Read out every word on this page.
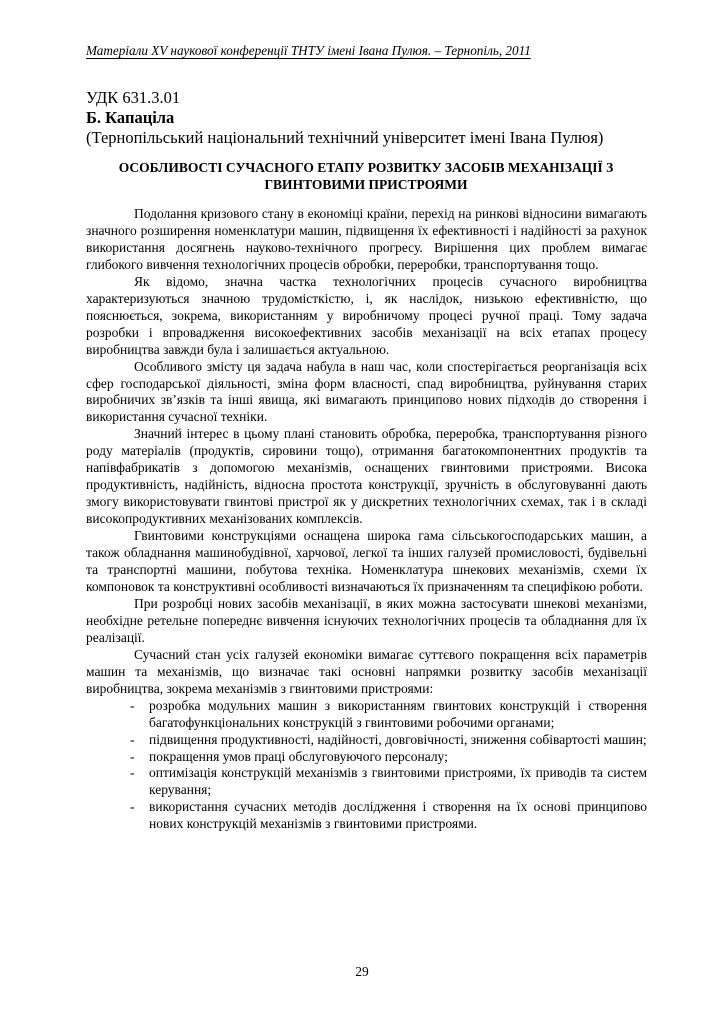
Матеріали XV наукової конференції ТНТУ імені Івана Пулюя. – Тернопіль, 2011
УДК 631.3.01
Б. Капаціла
(Тернопільський національний технічний університет імені Івана Пулюя)
ОСОБЛИВОСТІ СУЧАСНОГО ЕТАПУ РОЗВИТКУ ЗАСОБІВ МЕХАНІЗАЦІЇ З ГВИНТОВИМИ ПРИСТРОЯМИ

Подолання кризового стану в економіці країни, перехід на ринкові відносини вимагають значного розширення номенклатури машин, підвищення їх ефективності і надійності за рахунок використання досягнень науково-технічного прогресу. Вирішення цих проблем вимагає глибокого вивчення технологічних процесів обробки, переробки, транспортування тощо.

Як відомо, значна частка технологічних процесів сучасного виробництва характеризуються значною трудомісткістю, і, як наслідок, низькою ефективністю, що пояснюється, зокрема, використанням у виробничому процесі ручної праці. Тому задача розробки і впровадження високоефективних засобів механізації на всіх етапах процесу виробництва завжди була і залишається актуальною.

Особливого змісту ця задача набула в наш час, коли спостерігається реорганізація всіх сфер господарської діяльності, зміна форм власності, спад виробництва, руйнування старих виробничих зв’язків та інші явища, які вимагають принципово нових підходів до створення і використання сучасної техніки.

Значний інтерес в цьому плані становить обробка, переробка, транспортування різного роду матеріалів (продуктів, сировини тощо), отримання багатокомпонентних продуктів та напівфабрикатів з допомогою механізмів, оснащених гвинтовими пристроями. Висока продуктивність, надійність, відносна простота конструкції, зручність в обслуговуванні дають змогу використовувати гвинтові пристрої як у дискретних технологічних схемах, так і в складі високопродуктивних механізованих комплексів.

Гвинтовими конструкціями оснащена широка гама сільськогосподарських машин, а також обладнання машинобудівної, харчової, легкої та інших галузей промисловості, будівельні та транспортні машини, побутова техніка. Номенклатура шнекових механізмів, схеми їх компоновок та конструктивні особливості визначаються їх призначенням та специфікою роботи.

При розробці нових засобів механізації, в яких можна застосувати шнекові механізми, необхідне ретельне попереднє вивчення існуючих технологічних процесів та обладнання для їх реалізації.

Сучасний стан усіх галузей економіки вимагає суттєвого покращення всіх параметрів машин та механізмів, що визначає такі основні напрямки розвитку засобів механізації виробництва, зокрема механізмів з гвинтовими пристроями:

- розробка модульних машин з використанням гвинтових конструкцій і створення багатофункціональних конструкцій з гвинтовими робочими органами;
- підвищення продуктивності, надійності, довговічності, зниження собівартості машин;
- покращення умов праці обслуговуючого персоналу;
- оптимізація конструкцій механізмів з гвинтовими пристроями, їх приводів та систем керування;
- використання сучасних методів дослідження і створення на їх основі принципово нових конструкцій механізмів з гвинтовими пристроями.
29
